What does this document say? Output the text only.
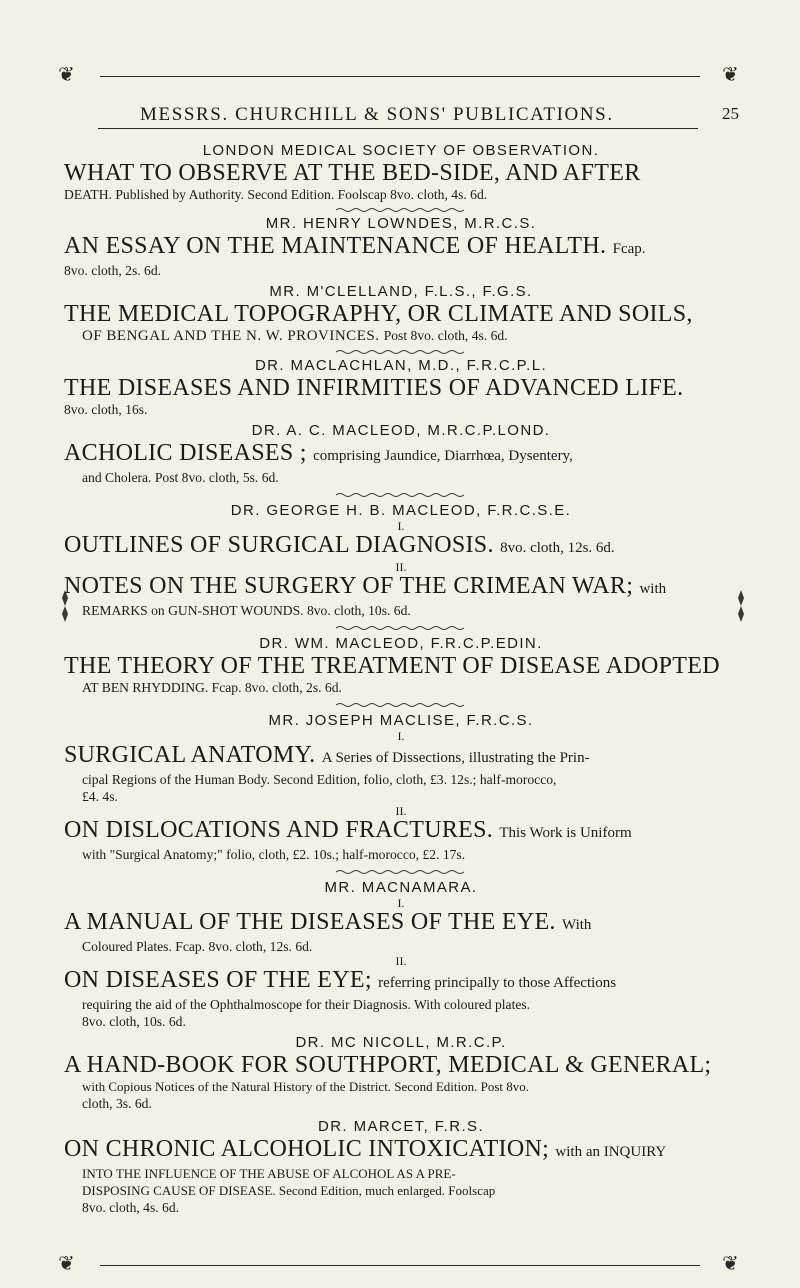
❦	❦
MESSRS. CHURCHILL & SONS' PUBLICATIONS.	25
❦	❦

LONDON MEDICAL SOCIETY OF OBSERVATION.

WHAT TO OBSERVE AT THE BED-SIDE, AND AFTER

DEATH. Published by Authority. Second Edition. Foolscap 8vo. cloth, 4s. 6d.

MR. HENRY LOWNDES, M.R.C.S.

AN ESSAY ON THE MAINTENANCE OF HEALTH. Fcap.

8vo. cloth, 2s. 6d.

MR. M'CLELLAND, F.L.S., F.G.S.

THE MEDICAL TOPOGRAPHY, OR CLIMATE AND SOILS,

OF BENGAL AND THE N. W. PROVINCES. Post 8vo. cloth, 4s. 6d.

DR. MACLACHLAN, M.D., F.R.C.P.L.

THE DISEASES AND INFIRMITIES OF ADVANCED LIFE.

8vo. cloth, 16s.

DR. A. C. MACLEOD, M.R.C.P.LOND.

ACHOLIC DISEASES ; comprising Jaundice, Diarrhœa, Dysentery,

and Cholera. Post 8vo. cloth, 5s. 6d.

DR. GEORGE H. B. MACLEOD, F.R.C.S.E.

I.

OUTLINES OF SURGICAL DIAGNOSIS. 8vo. cloth, 12s. 6d.

II.

NOTES ON THE SURGERY OF THE CRIMEAN WAR; with

REMARKS on GUN-SHOT WOUNDS. 8vo. cloth, 10s. 6d.

DR. WM. MACLEOD, F.R.C.P.EDIN.

THE THEORY OF THE TREATMENT OF DISEASE ADOPTED

AT BEN RHYDDING. Fcap. 8vo. cloth, 2s. 6d.

MR. JOSEPH MACLISE, F.R.C.S.

I.

SURGICAL ANATOMY. A Series of Dissections, illustrating the Prin-

cipal Regions of the Human Body. Second Edition, folio, cloth, £3. 12s.; half-morocco,

£4. 4s.

II.

ON DISLOCATIONS AND FRACTURES. This Work is Uniform

with "Surgical Anatomy;" folio, cloth, £2. 10s.; half-morocco, £2. 17s.

MR. MACNAMARA.

I.

A MANUAL OF THE DISEASES OF THE EYE. With

Coloured Plates. Fcap. 8vo. cloth, 12s. 6d.

II.

ON DISEASES OF THE EYE; referring principally to those Affections

requiring the aid of the Ophthalmoscope for their Diagnosis. With coloured plates.

8vo. cloth, 10s. 6d.

DR. MC NICOLL, M.R.C.P.

A HAND-BOOK FOR SOUTHPORT, MEDICAL & GENERAL;

with Copious Notices of the Natural History of the District. Second Edition. Post 8vo.

cloth, 3s. 6d.

DR. MARCET, F.R.S.

ON CHRONIC ALCOHOLIC INTOXICATION; with an INQUIRY

INTO THE INFLUENCE OF THE ABUSE OF ALCOHOL AS A PRE-

DISPOSING CAUSE OF DISEASE. Second Edition, much enlarged. Foolscap

8vo. cloth, 4s. 6d.
